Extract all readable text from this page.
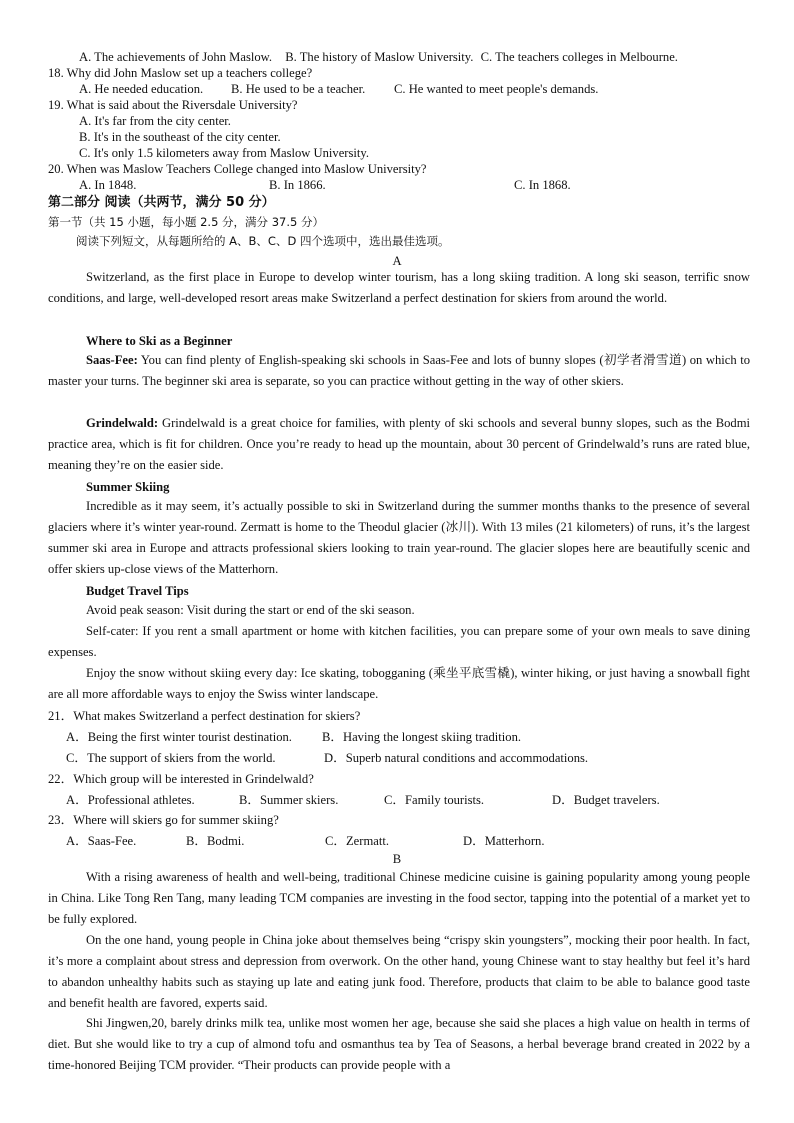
A. The achievements of John Maslow. B. The history of Maslow University. C. The teachers colleges in Melbourne.
18. Why did John Maslow set up a teachers college?
A. He needed education. B. He used to be a teacher. C. He wanted to meet people's demands.
19. What is said about the Riversdale University?
A. It's far from the city center.
B. It's in the southeast of the city center.
C. It's only 1.5 kilometers away from Maslow University.
20. When was Maslow Teachers College changed into Maslow University?
A. In 1848.	B. In 1866.	C. In 1868.
第二部分 阅读（共两节，满分 50 分）
第一节（共 15 小题，每小题 2.5 分，满分 37.5 分）
阅读下列短文，从每题所给的 A、B、C、D 四个选项中，选出最佳选项。
A
Switzerland, as the first place in Europe to develop winter tourism, has a long skiing tradition. A long ski season, terrific snow conditions, and large, well-developed resort areas make Switzerland a perfect destination for skiers from around the world.
Where to Ski as a Beginner
Saas-Fee: You can find plenty of English-speaking ski schools in Saas-Fee and lots of bunny slopes (初学者滑雪道) on which to master your turns. The beginner ski area is separate, so you can practice without getting in the way of other skiers.
Grindelwald: Grindelwald is a great choice for families, with plenty of ski schools and several bunny slopes, such as the Bodmi practice area, which is fit for children. Once you’re ready to head up the mountain, about 30 percent of Grindelwald’s runs are rated blue, meaning they’re on the easier side.
Summer Skiing
Incredible as it may seem, it’s actually possible to ski in Switzerland during the summer months thanks to the presence of several glaciers where it’s winter year-round. Zermatt is home to the Theodul glacier (冰川). With 13 miles (21 kilometers) of runs, it’s the largest summer ski area in Europe and attracts professional skiers looking to train year-round. The glacier slopes here are beautifully scenic and offer skiers up-close views of the Matterhorn.
Budget Travel Tips
Avoid peak season: Visit during the start or end of the ski season.
Self-cater: If you rent a small apartment or home with kitchen facilities, you can prepare some of your own meals to save dining expenses.
Enjoy the snow without skiing every day: Ice skating, tobogganing (乘坐平底雪橇), winter hiking, or just having a snowball fight are all more affordable ways to enjoy the Swiss winter landscape.
21．What makes Switzerland a perfect destination for skiers?
A．Being the first winter tourist destination. B．Having the longest skiing tradition.
C．The support of skiers from the world.	D．Superb natural conditions and accommodations.
22．Which group will be interested in Grindelwald?
A．Professional athletes.	B．Summer skiers.	C．Family tourists.	D．Budget travelers.
23．Where will skiers go for summer skiing?
A．Saas-Fee.	B．Bodmi.	C．Zermatt.	D．Matterhorn.
B
With a rising awareness of health and well-being, traditional Chinese medicine cuisine is gaining popularity among young people in China. Like Tong Ren Tang, many leading TCM companies are investing in the food sector, tapping into the potential of a market yet to be fully explored.
On the one hand, young people in China joke about themselves being “crispy skin youngsters”, mocking their poor health. In fact, it’s more a complaint about stress and depression from overwork. On the other hand, young Chinese want to stay healthy but feel it’s hard to abandon unhealthy habits such as staying up late and eating junk food. Therefore, products that claim to be able to balance good taste and benefit health are favored, experts said.
Shi Jingwen,20, barely drinks milk tea, unlike most women her age, because she said she places a high value on health in terms of diet. But she would like to try a cup of almond tofu and osmanthus tea by Tea of Seasons, a herbal beverage brand created in 2022 by a time-honored Beijing TCM provider. “Their products can provide people with a
